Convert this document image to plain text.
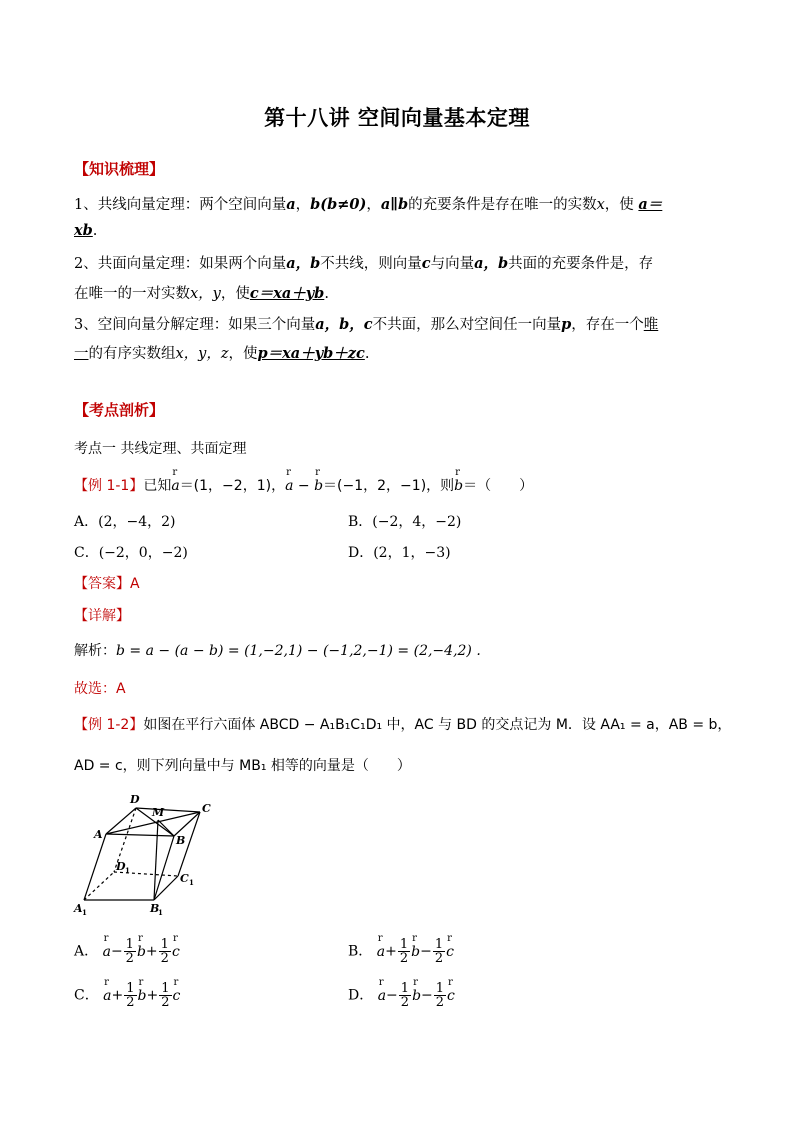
第十八讲 空间向量基本定理
【知识梳理】
1、共线向量定理：两个空间向量a，b(b≠0)，a∥b的充要条件是存在唯一的实数x，使 a＝
xb.
2、共面向量定理：如果两个向量a，b不共线，则向量c与向量a，b共面的充要条件是，存
在唯一的一对实数x，y，使c＝xa＋yb.
3、空间向量分解定理：如果三个向量a，b，c不共面，那么对空间任一向量p，存在一个唯
一的有序实数组x，y，z，使p＝xa＋yb＋zc.
【考点剖析】
考点一 共线定理、共面定理
【例 1-1】已知r a＝(1，−2，1)，r a − r b＝(−1，2，−1)，则r b＝（　　）
A．(2，−4，2)	B．(−2，4，−2)
C．(−2，0，−2)	D．(2，1，−3)
【答案】A
【详解】
解析：b = a − (a − b) = (1,−2,1) − (−1,2,−1) = (2,−4,2) .
故选：A
【例 1-2】如图在平行六面体 ABCD − A₁B₁C₁D₁ 中，AC 与 BD 的交点记为 M．设 AA₁ = a，AB = b，
AD = c，则下列向量中与 MB₁ 相等的向量是（　　）
D
C
M
A	B
D
C
A	B
1
1
1	1
A． r $a- \frac{1}{2}$ r $b+ \frac{1}{2}$ r c	B． r $a+ \frac{1}{2}$ r $b- \frac{1}{2}$ r c
C． r $a+ \frac{1}{2}$ r $b+ \frac{1}{2}$ r c	D． r $a- \frac{1}{2}$ r $b- \frac{1}{2}$ r c
